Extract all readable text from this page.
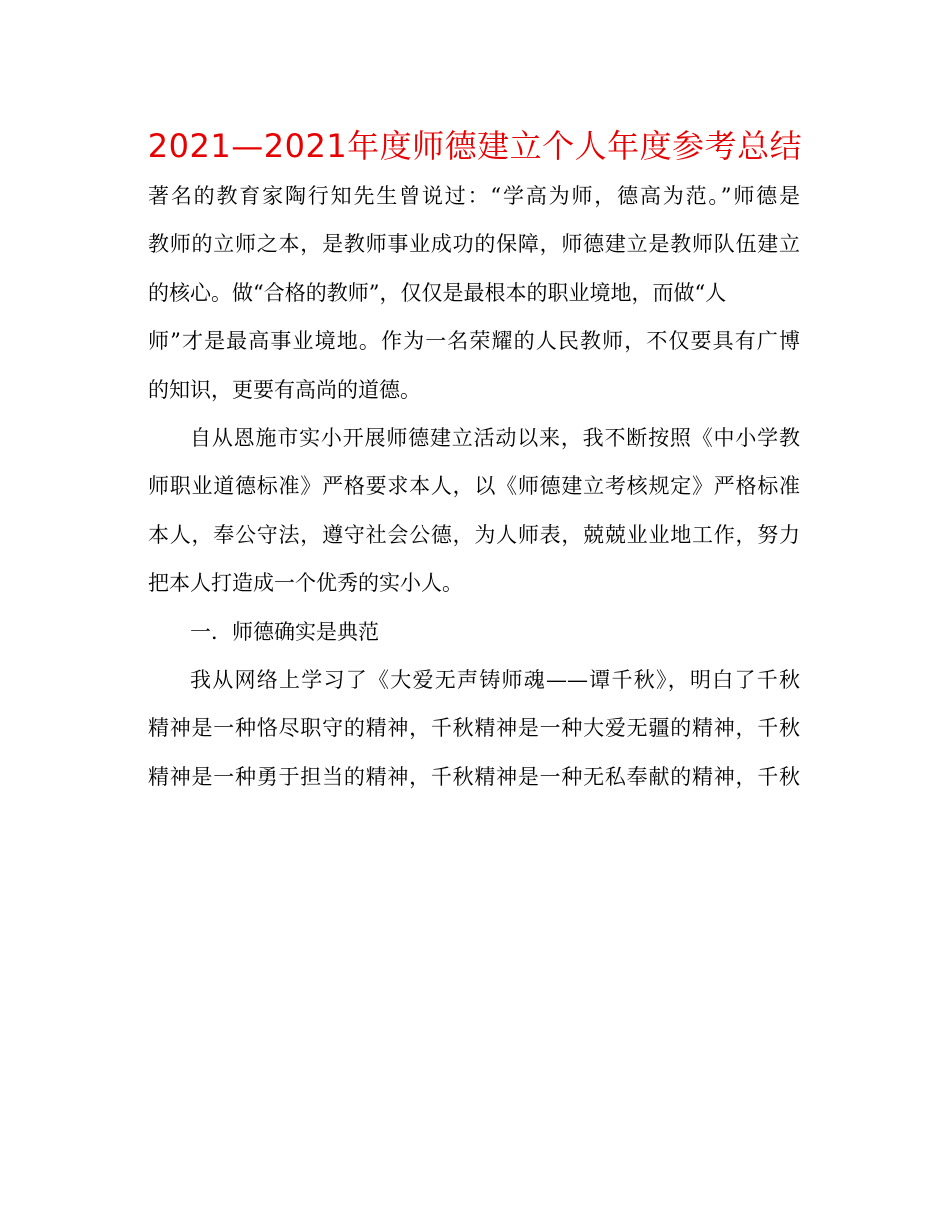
2021—2021年度师德建立个人年度参考总结
著名的教育家陶行知先生曾说过：“学高为师，德高为范。”师德是
教师的立师之本，是教师事业成功的保障，师德建立是教师队伍建立
的核心。做“合格的教师”，仅仅是最根本的职业境地，而做“人
师”才是最高事业境地。作为一名荣耀的人民教师，不仅要具有广博
的知识，更要有高尚的道德。
自从恩施市实小开展师德建立活动以来，我不断按照《中小学教
师职业道德标准》严格要求本人，以《师德建立考核规定》严格标准
本人，奉公守法，遵守社会公德，为人师表，兢兢业业地工作，努力
把本人打造成一个优秀的实小人。
一．师德确实是典范
我从网络上学习了《大爱无声铸师魂——谭千秋》，明白了千秋
精神是一种恪尽职守的精神，千秋精神是一种大爱无疆的精神，千秋
精神是一种勇于担当的精神，千秋精神是一种无私奉献的精神，千秋
